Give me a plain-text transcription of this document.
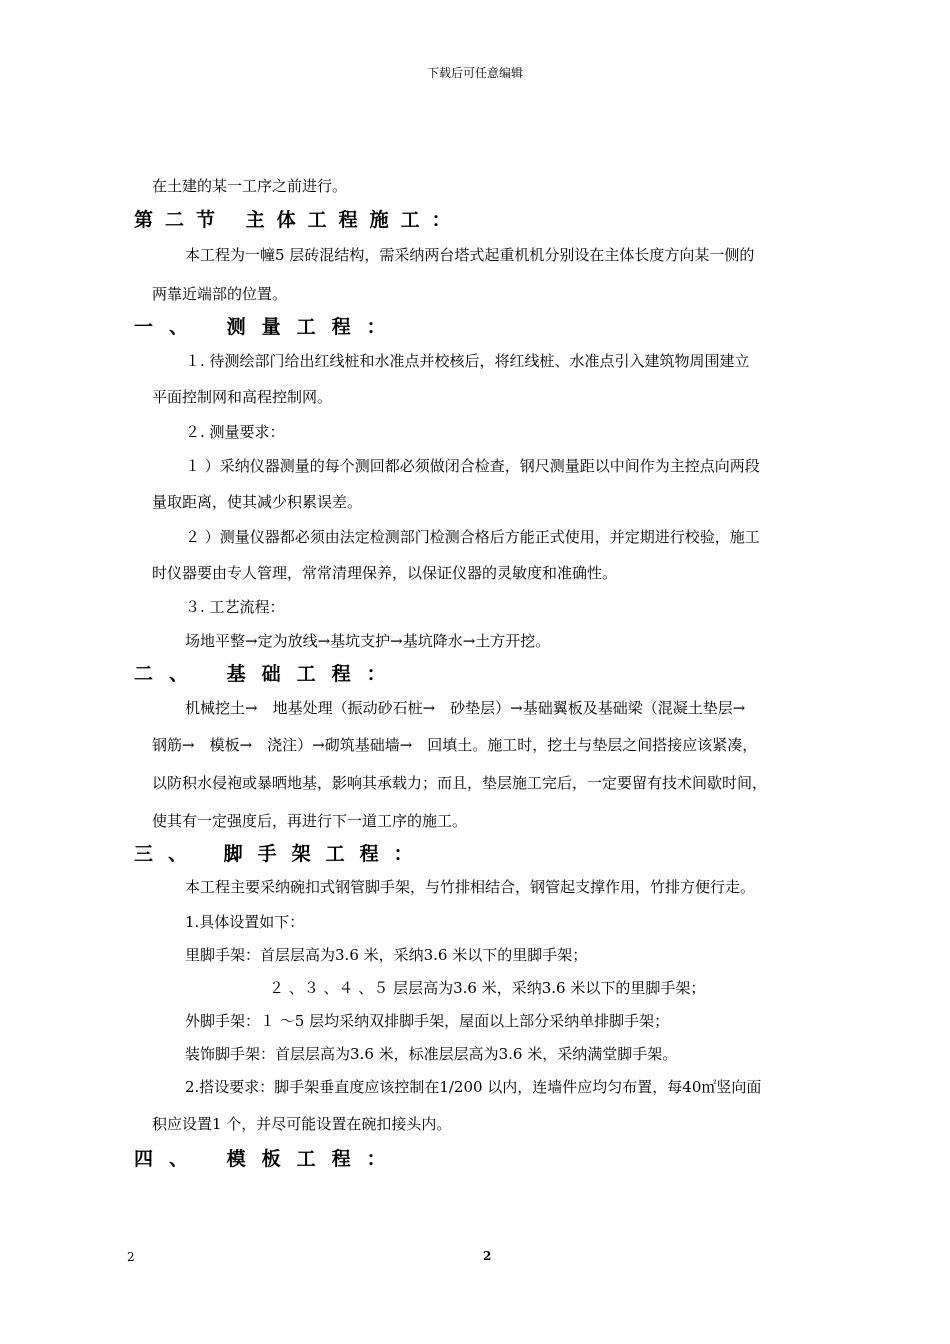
下载后可任意编辑
在土建的某一工序之前进行。
第二节 主体工程施工：
本工程为一幢5 层砖混结构，需采纳两台塔式起重机机分别设在主体长度方向某一侧的
两靠近端部的位置。
一、 测量工程：
１. 待测绘部门给出红线桩和水准点并校核后，将红线桩、水准点引入建筑物周围建立
平面控制网和高程控制网。
２. 测量要求：
１ ）采纳仪器测量的每个测回都必须做闭合检查，钢尺测量距以中间作为主控点向两段
量取距离，使其减少积累误差。
２ ）测量仪器都必须由法定检测部门检测合格后方能正式使用，并定期进行校验，施工
时仪器要由专人管理，常常清理保养，以保证仪器的灵敏度和准确性。
３. 工艺流程：
场地平整→定为放线→基坑支护→基坑降水→土方开挖。
二、 基础工程：
机械挖土→　地基处理（振动砂石桩→　砂垫层）→基础翼板及基础梁（混凝土垫层→
钢筋→　模板→　浇注）→砌筑基础墙→　回填土。施工时，挖土与垫层之间搭接应该紧凑，
以防积水侵袍或暴晒地基，影响其承载力；而且，垫层施工完后，一定要留有技术间歇时间，
使其有一定强度后，再进行下一道工序的施工。
三、 脚手架工程：
本工程主要采纳碗扣式钢管脚手架，与竹排相结合，钢管起支撑作用，竹排方便行走。
1.具体设置如下：
里脚手架：首层层高为3.6 米，采纳3.6 米以下的里脚手架；
２ 、３ 、４ 、５ 层层高为3.6 米，采纳3.6 米以下的里脚手架；
外脚手架：１ ～5 层均采纳双排脚手架，屋面以上部分采纳单排脚手架；
装饰脚手架：首层层高为3.6 米，标准层层高为3.6 米，采纳满堂脚手架。
2.搭设要求：脚手架垂直度应该控制在1/200 以内，连墙件应均匀布置，每40㎡竖向面
积应设置1 个，并尽可能设置在碗扣接头内。
四、 模板工程：
2	2
